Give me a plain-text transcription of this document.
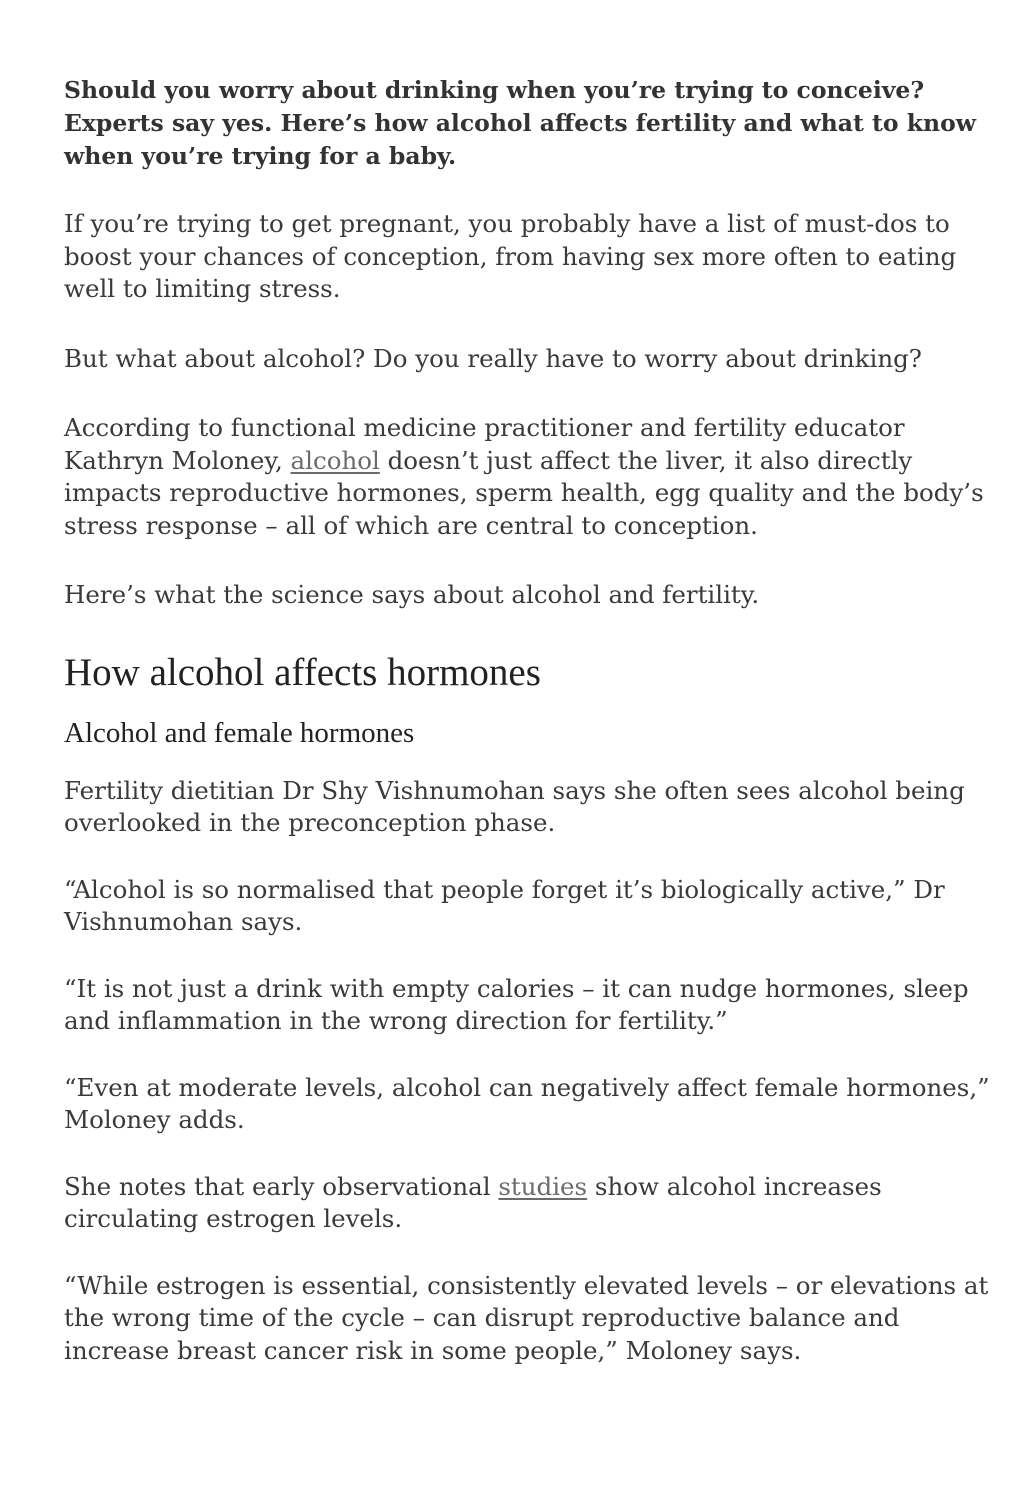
Should you worry about drinking when you’re trying to conceive? Experts say yes. Here’s how alcohol affects fertility and what to know when you’re trying for a baby.

If you’re trying to get pregnant, you probably have a list of must-dos to boost your chances of conception, from having sex more often to eating well to limiting stress.

But what about alcohol? Do you really have to worry about drinking?

According to functional medicine practitioner and fertility educator Kathryn Moloney, alcohol doesn’t just affect the liver, it also directly impacts reproductive hormones, sperm health, egg quality and the body’s stress response – all of which are central to conception.

Here’s what the science says about alcohol and fertility.

How alcohol affects hormones
Alcohol and female hormones

Fertility dietitian Dr Shy Vishnumohan says she often sees alcohol being overlooked in the preconception phase.

“Alcohol is so normalised that people forget it’s biologically active,” Dr Vishnumohan says.

“It is not just a drink with empty calories – it can nudge hormones, sleep and inflammation in the wrong direction for fertility.”

“Even at moderate levels, alcohol can negatively affect female hormones,” Moloney adds.

She notes that early observational studies show alcohol increases circulating estrogen levels.

“While estrogen is essential, consistently elevated levels – or elevations at the wrong time of the cycle – can disrupt reproductive balance and increase breast cancer risk in some people,” Moloney says.
